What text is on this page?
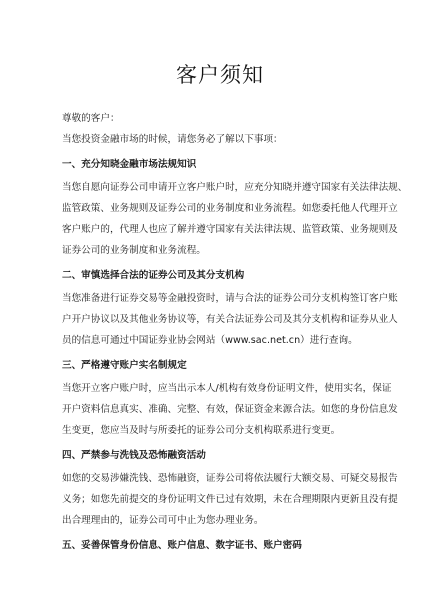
客户须知

尊敬的客户：

当您投资金融市场的时候，请您务必了解以下事项：

一、充分知晓金融市场法规知识

当您自愿向证券公司申请开立客户账户时，应充分知晓并遵守国家有关法律法规、

监管政策、业务规则及证券公司的业务制度和业务流程。如您委托他人代理开立

客户账户的，代理人也应了解并遵守国家有关法律法规、监管政策、业务规则及

证券公司的业务制度和业务流程。

二、审慎选择合法的证券公司及其分支机构

当您准备进行证券交易等金融投资时，请与合法的证券公司分支机构签订客户账

户开户协议以及其他业务协议等，有关合法证券公司及其分支机构和证券从业人

员的信息可通过中国证券业协会网站（www.sac.net.cn）进行查询。

三、严格遵守账户实名制规定

当您开立客户账户时，应当出示本人/机构有效身份证明文件，使用实名，保证

开户资料信息真实、准确、完整、有效，保证资金来源合法。如您的身份信息发

生变更，您应当及时与所委托的证券公司分支机构联系进行变更。

四、严禁参与洗钱及恐怖融资活动

如您的交易涉嫌洗钱、恐怖融资，证券公司将依法履行大额交易、可疑交易报告

义务；如您先前提交的身份证明文件已过有效期，未在合理期限内更新且没有提

出合理理由的，证券公司可中止为您办理业务。

五、妥善保管身份信息、账户信息、数字证书、账户密码
